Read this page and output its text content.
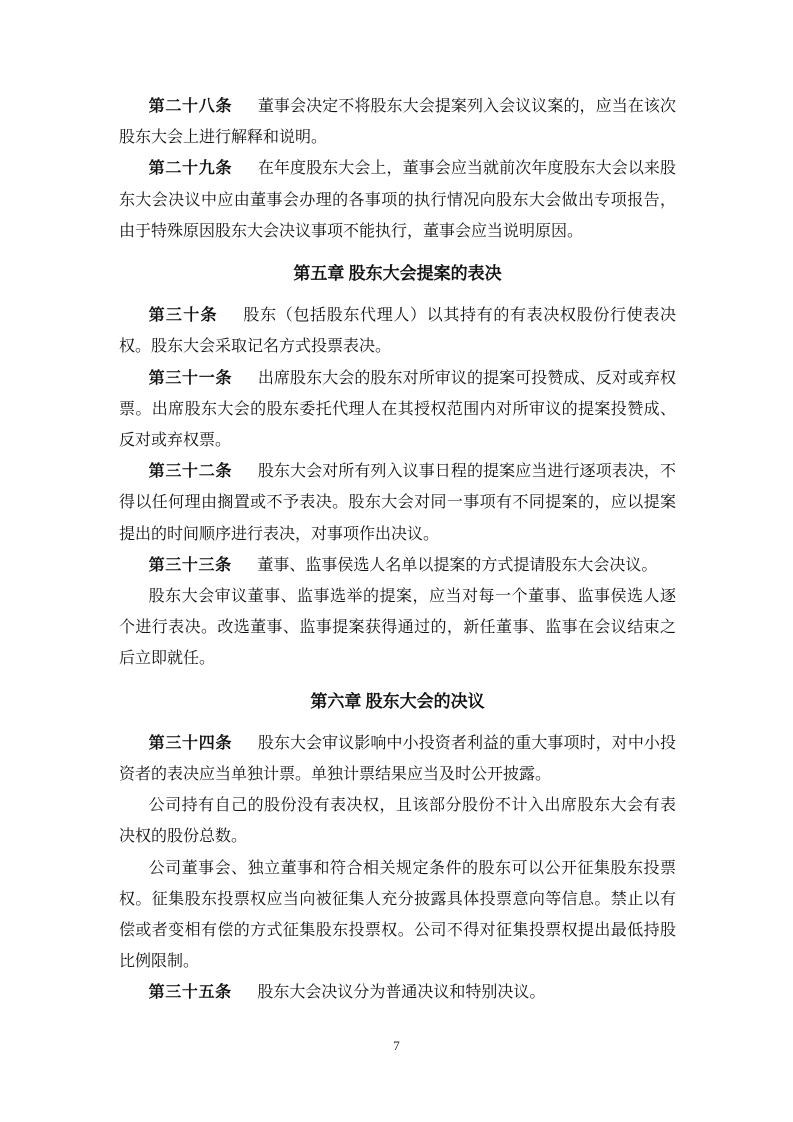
第二十八条 董事会决定不将股东大会提案列入会议议案的，应当在该次股东大会上进行解释和说明。

第二十九条 在年度股东大会上，董事会应当就前次年度股东大会以来股东大会决议中应由董事会办理的各事项的执行情况向股东大会做出专项报告，由于特殊原因股东大会决议事项不能执行，董事会应当说明原因。

第五章 股东大会提案的表决

第三十条 股东（包括股东代理人）以其持有的有表决权股份行使表决权。股东大会采取记名方式投票表决。

第三十一条 出席股东大会的股东对所审议的提案可投赞成、反对或弃权票。出席股东大会的股东委托代理人在其授权范围内对所审议的提案投赞成、反对或弃权票。

第三十二条 股东大会对所有列入议事日程的提案应当进行逐项表决，不得以任何理由搁置或不予表决。股东大会对同一事项有不同提案的，应以提案提出的时间顺序进行表决，对事项作出决议。

第三十三条 董事、监事侯选人名单以提案的方式提请股东大会决议。

股东大会审议董事、监事选举的提案，应当对每一个董事、监事侯选人逐个进行表决。改选董事、监事提案获得通过的，新任董事、监事在会议结束之后立即就任。

第六章 股东大会的决议

第三十四条 股东大会审议影响中小投资者利益的重大事项时，对中小投资者的表决应当单独计票。单独计票结果应当及时公开披露。

公司持有自己的股份没有表决权，且该部分股份不计入出席股东大会有表决权的股份总数。

公司董事会、独立董事和符合相关规定条件的股东可以公开征集股东投票权。征集股东投票权应当向被征集人充分披露具体投票意向等信息。禁止以有偿或者变相有偿的方式征集股东投票权。公司不得对征集投票权提出最低持股比例限制。

第三十五条 股东大会决议分为普通决议和特别决议。

7
